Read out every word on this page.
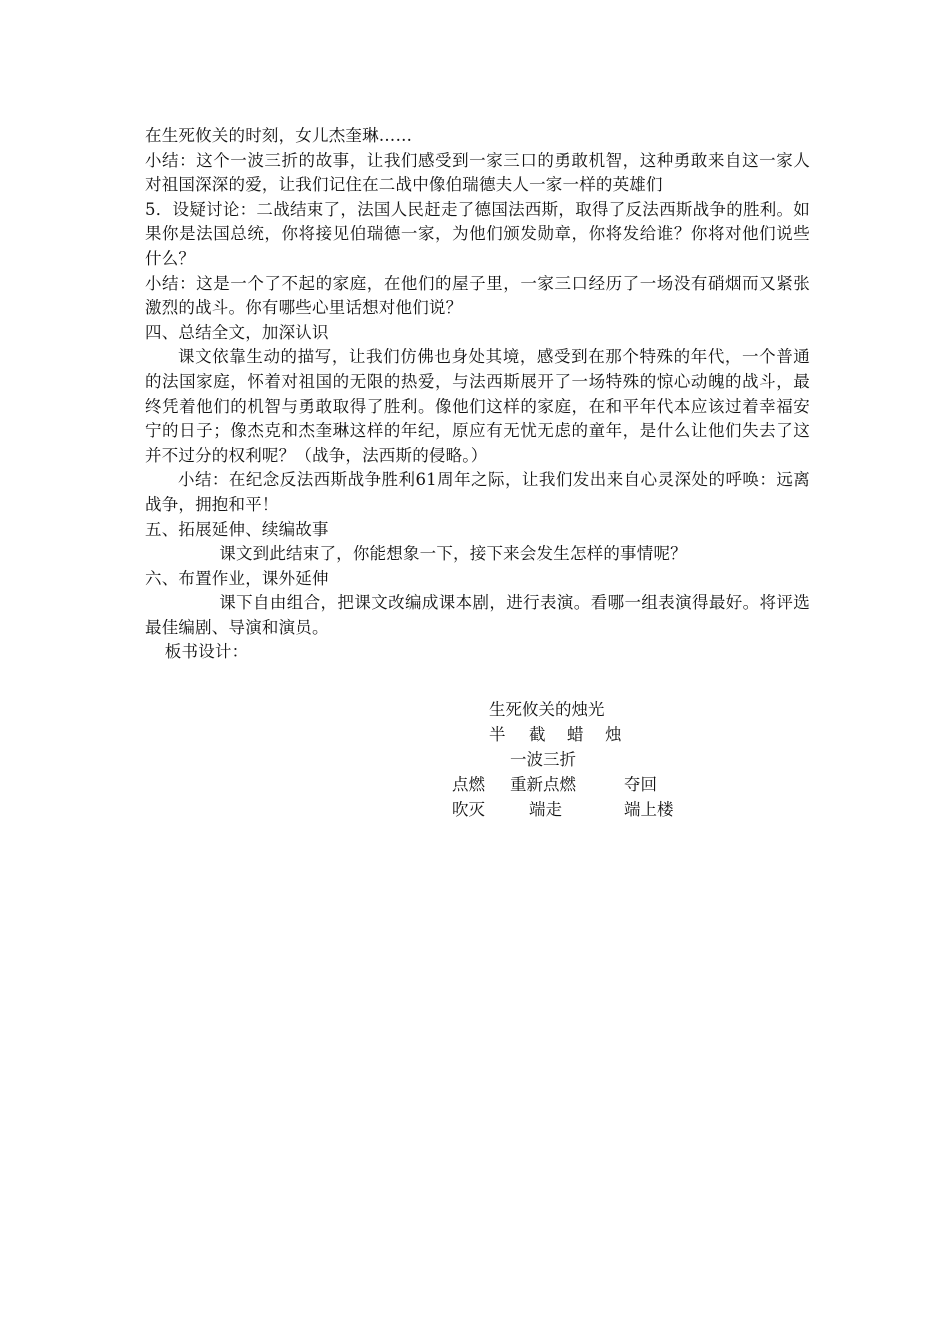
在生死攸关的时刻，女儿杰奎琳……

小结：这个一波三折的故事，让我们感受到一家三口的勇敢机智，这种勇敢来自这一家人对祖国深深的爱，让我们记住在二战中像伯瑞德夫人一家一样的英雄们

5．设疑讨论：二战结束了，法国人民赶走了德国法西斯，取得了反法西斯战争的胜利。如果你是法国总统，你将接见伯瑞德一家，为他们颁发勋章，你将发给谁？你将对他们说些什么？

小结：这是一个了不起的家庭，在他们的屋子里，一家三口经历了一场没有硝烟而又紧张激烈的战斗。你有哪些心里话想对他们说？

四、总结全文，加深认识

课文依靠生动的描写，让我们仿佛也身处其境，感受到在那个特殊的年代，一个普通的法国家庭，怀着对祖国的无限的热爱，与法西斯展开了一场特殊的惊心动魄的战斗，最终凭着他们的机智与勇敢取得了胜利。像他们这样的家庭，在和平年代本应该过着幸福安宁的日子；像杰克和杰奎琳这样的年纪，原应有无忧无虑的童年，是什么让他们失去了这并不过分的权利呢？（战争，法西斯的侵略。）

小结：在纪念反法西斯战争胜利61周年之际，让我们发出来自心灵深处的呼唤：远离战争，拥抱和平！

五、拓展延伸、续编故事

课文到此结束了，你能想象一下，接下来会发生怎样的事情呢？

六、布置作业，课外延伸

课下自由组合，把课文改编成课本剧，进行表演。看哪一组表演得最好。将评选最佳编剧、导演和演员。

板书设计：

生死攸关的烛光
半 截 蜡 烛
一波三折
点燃 重新点燃	夺回
吹灭	端走	端上楼
